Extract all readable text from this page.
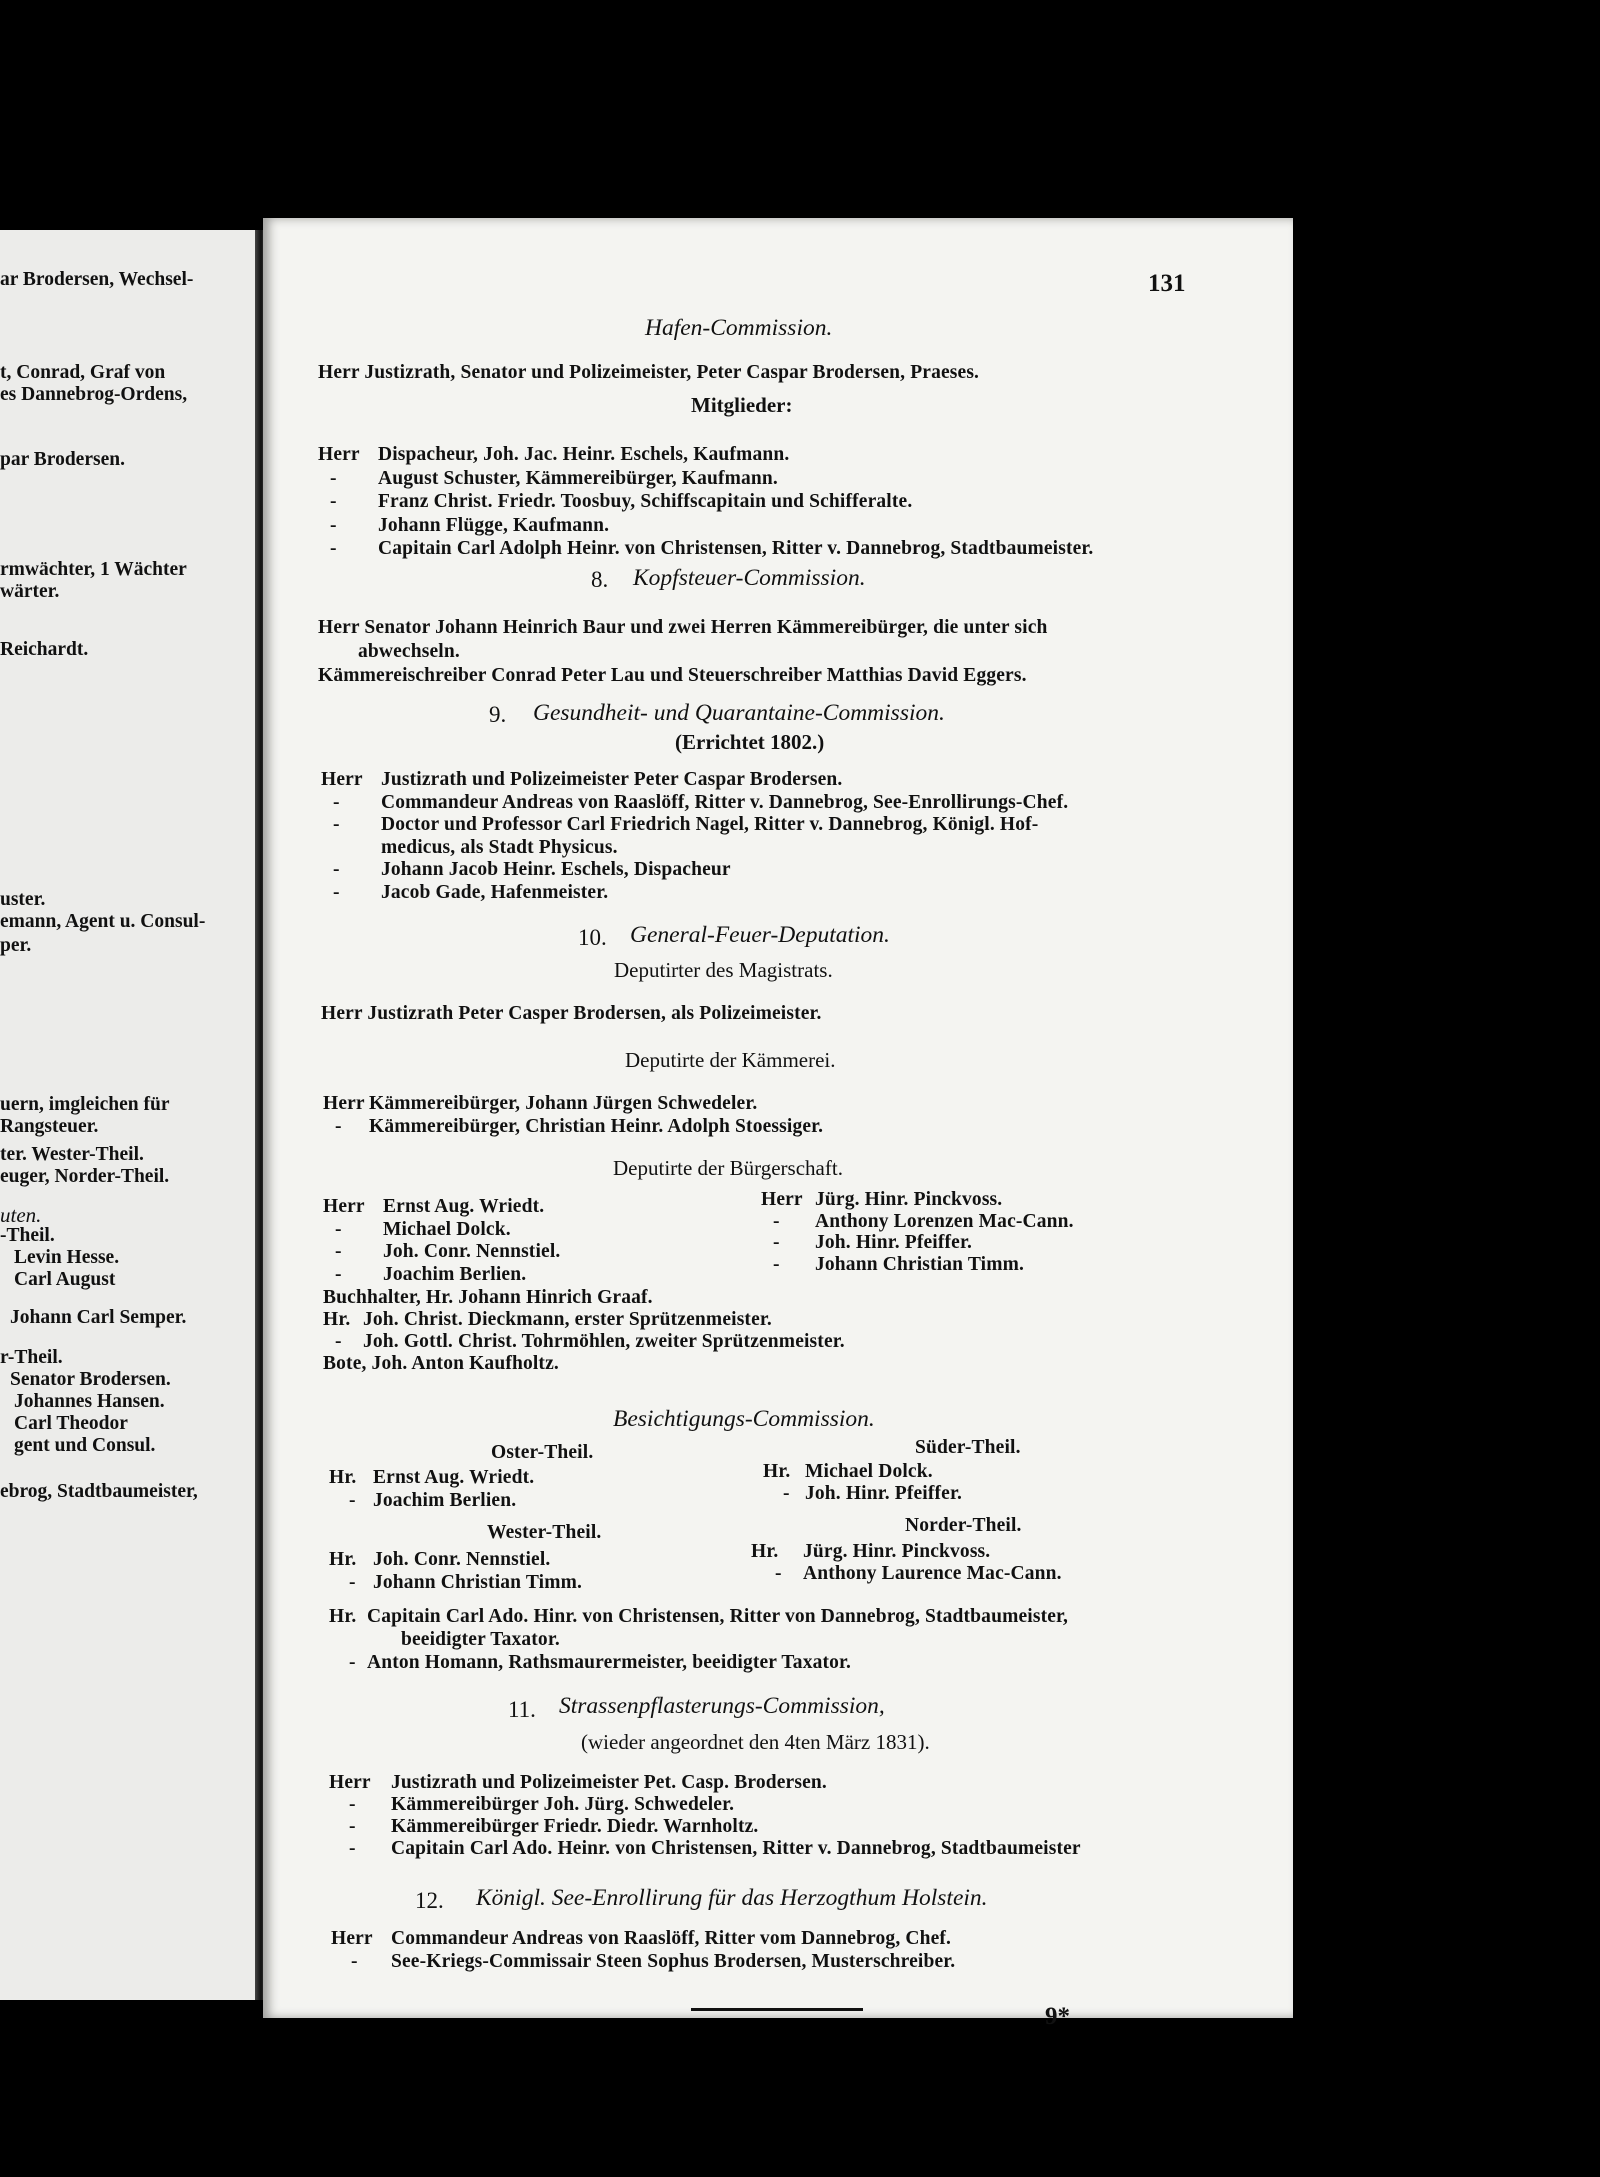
ar Brodersen, Wechsel-
t, Conrad, Graf von
es Dannebrog-Ordens,
par Brodersen.
rmwächter, 1 Wächter
wärter.
Reichardt.
uster.
emann, Agent u. Consul-
per.
uern, imgleichen für
Rangsteuer.
ter. Wester-Theil.
euger, Norder-Theil.
uten.
-Theil.
Levin Hesse.
Carl August
Johann Carl Semper.
r-Theil.
Senator Brodersen.
Johannes Hansen.
Carl Theodor
gent und Consul.
ebrog, Stadtbaumeister,
131
Hafen-Commission.
Herr Justizrath, Senator und Polizeimeister, Peter Caspar Brodersen, Praeses.
Mitglieder:
Herr Dispacheur, Joh. Jac. Heinr. Eschels, Kaufmann.
- August Schuster, Kämmereibürger, Kaufmann.
- Franz Christ. Friedr. Toosbuy, Schiffscapitain und Schifferalte.
- Johann Flügge, Kaufmann.
- Capitain Carl Adolph Heinr. von Christensen, Ritter v. Dannebrog, Stadtbaumeister.
8. Kopfsteuer-Commission.
Herr Senator Johann Heinrich Baur und zwei Herren Kämmereibürger, die unter sich
abwechseln.
Kämmereischreiber Conrad Peter Lau und Steuerschreiber Matthias David Eggers.
9. Gesundheit- und Quarantaine-Commission.
(Errichtet 1802.)
Herr Justizrath und Polizeimeister Peter Caspar Brodersen.
- Commandeur Andreas von Raaslöff, Ritter v. Dannebrog, See-Enrollirungs-Chef.
- Doctor und Professor Carl Friedrich Nagel, Ritter v. Dannebrog, Königl. Hof-
medicus, als Stadt Physicus.
- Johann Jacob Heinr. Eschels, Dispacheur
- Jacob Gade, Hafenmeister.
10. General-Feuer-Deputation.
Deputirter des Magistrats.
Herr Justizrath Peter Casper Brodersen, als Polizeimeister.
Deputirte der Kämmerei.
Herr Kämmereibürger, Johann Jürgen Schwedeler.
- Kämmereibürger, Christian Heinr. Adolph Stoessiger.
Deputirte der Bürgerschaft.
Herr Ernst Aug. Wriedt.
- Michael Dolck.
- Joh. Conr. Nennstiel.
- Joachim Berlien.
Herr Jürg. Hinr. Pinckvoss.
- Anthony Lorenzen Mac-Cann.
- Joh. Hinr. Pfeiffer.
- Johann Christian Timm.
Buchhalter, Hr. Johann Hinrich Graaf.
Hr. Joh. Christ. Dieckmann, erster Sprützenmeister.
- Joh. Gottl. Christ. Tohrmöhlen, zweiter Sprützenmeister.
Bote, Joh. Anton Kaufholtz.
Besichtigungs-Commission.
Oster-Theil.	Süder-Theil.
Hr. Ernst Aug. Wriedt.
- Joachim Berlien.
Hr. Michael Dolck.
- Joh. Hinr. Pfeiffer.
Wester-Theil.	Norder-Theil.
Hr. Joh. Conr. Nennstiel.
- Johann Christian Timm.
Hr. Jürg. Hinr. Pinckvoss.
- Anthony Laurence Mac-Cann.
Hr. Capitain Carl Ado. Hinr. von Christensen, Ritter von Dannebrog, Stadtbaumeister,
beeidigter Taxator.
- Anton Homann, Rathsmaurermeister, beeidigter Taxator.
11. Strassenpflasterungs-Commission,
(wieder angeordnet den 4ten März 1831).
Herr Justizrath und Polizeimeister Pet. Casp. Brodersen.
- Kämmereibürger Joh. Jürg. Schwedeler.
- Kämmereibürger Friedr. Diedr. Warnholtz.
- Capitain Carl Ado. Heinr. von Christensen, Ritter v. Dannebrog, Stadtbaumeister
12. Königl. See-Enrollirung für das Herzogthum Holstein.
Herr Commandeur Andreas von Raaslöff, Ritter vom Dannebrog, Chef.
- See-Kriegs-Commissair Steen Sophus Brodersen, Musterschreiber.
9*
